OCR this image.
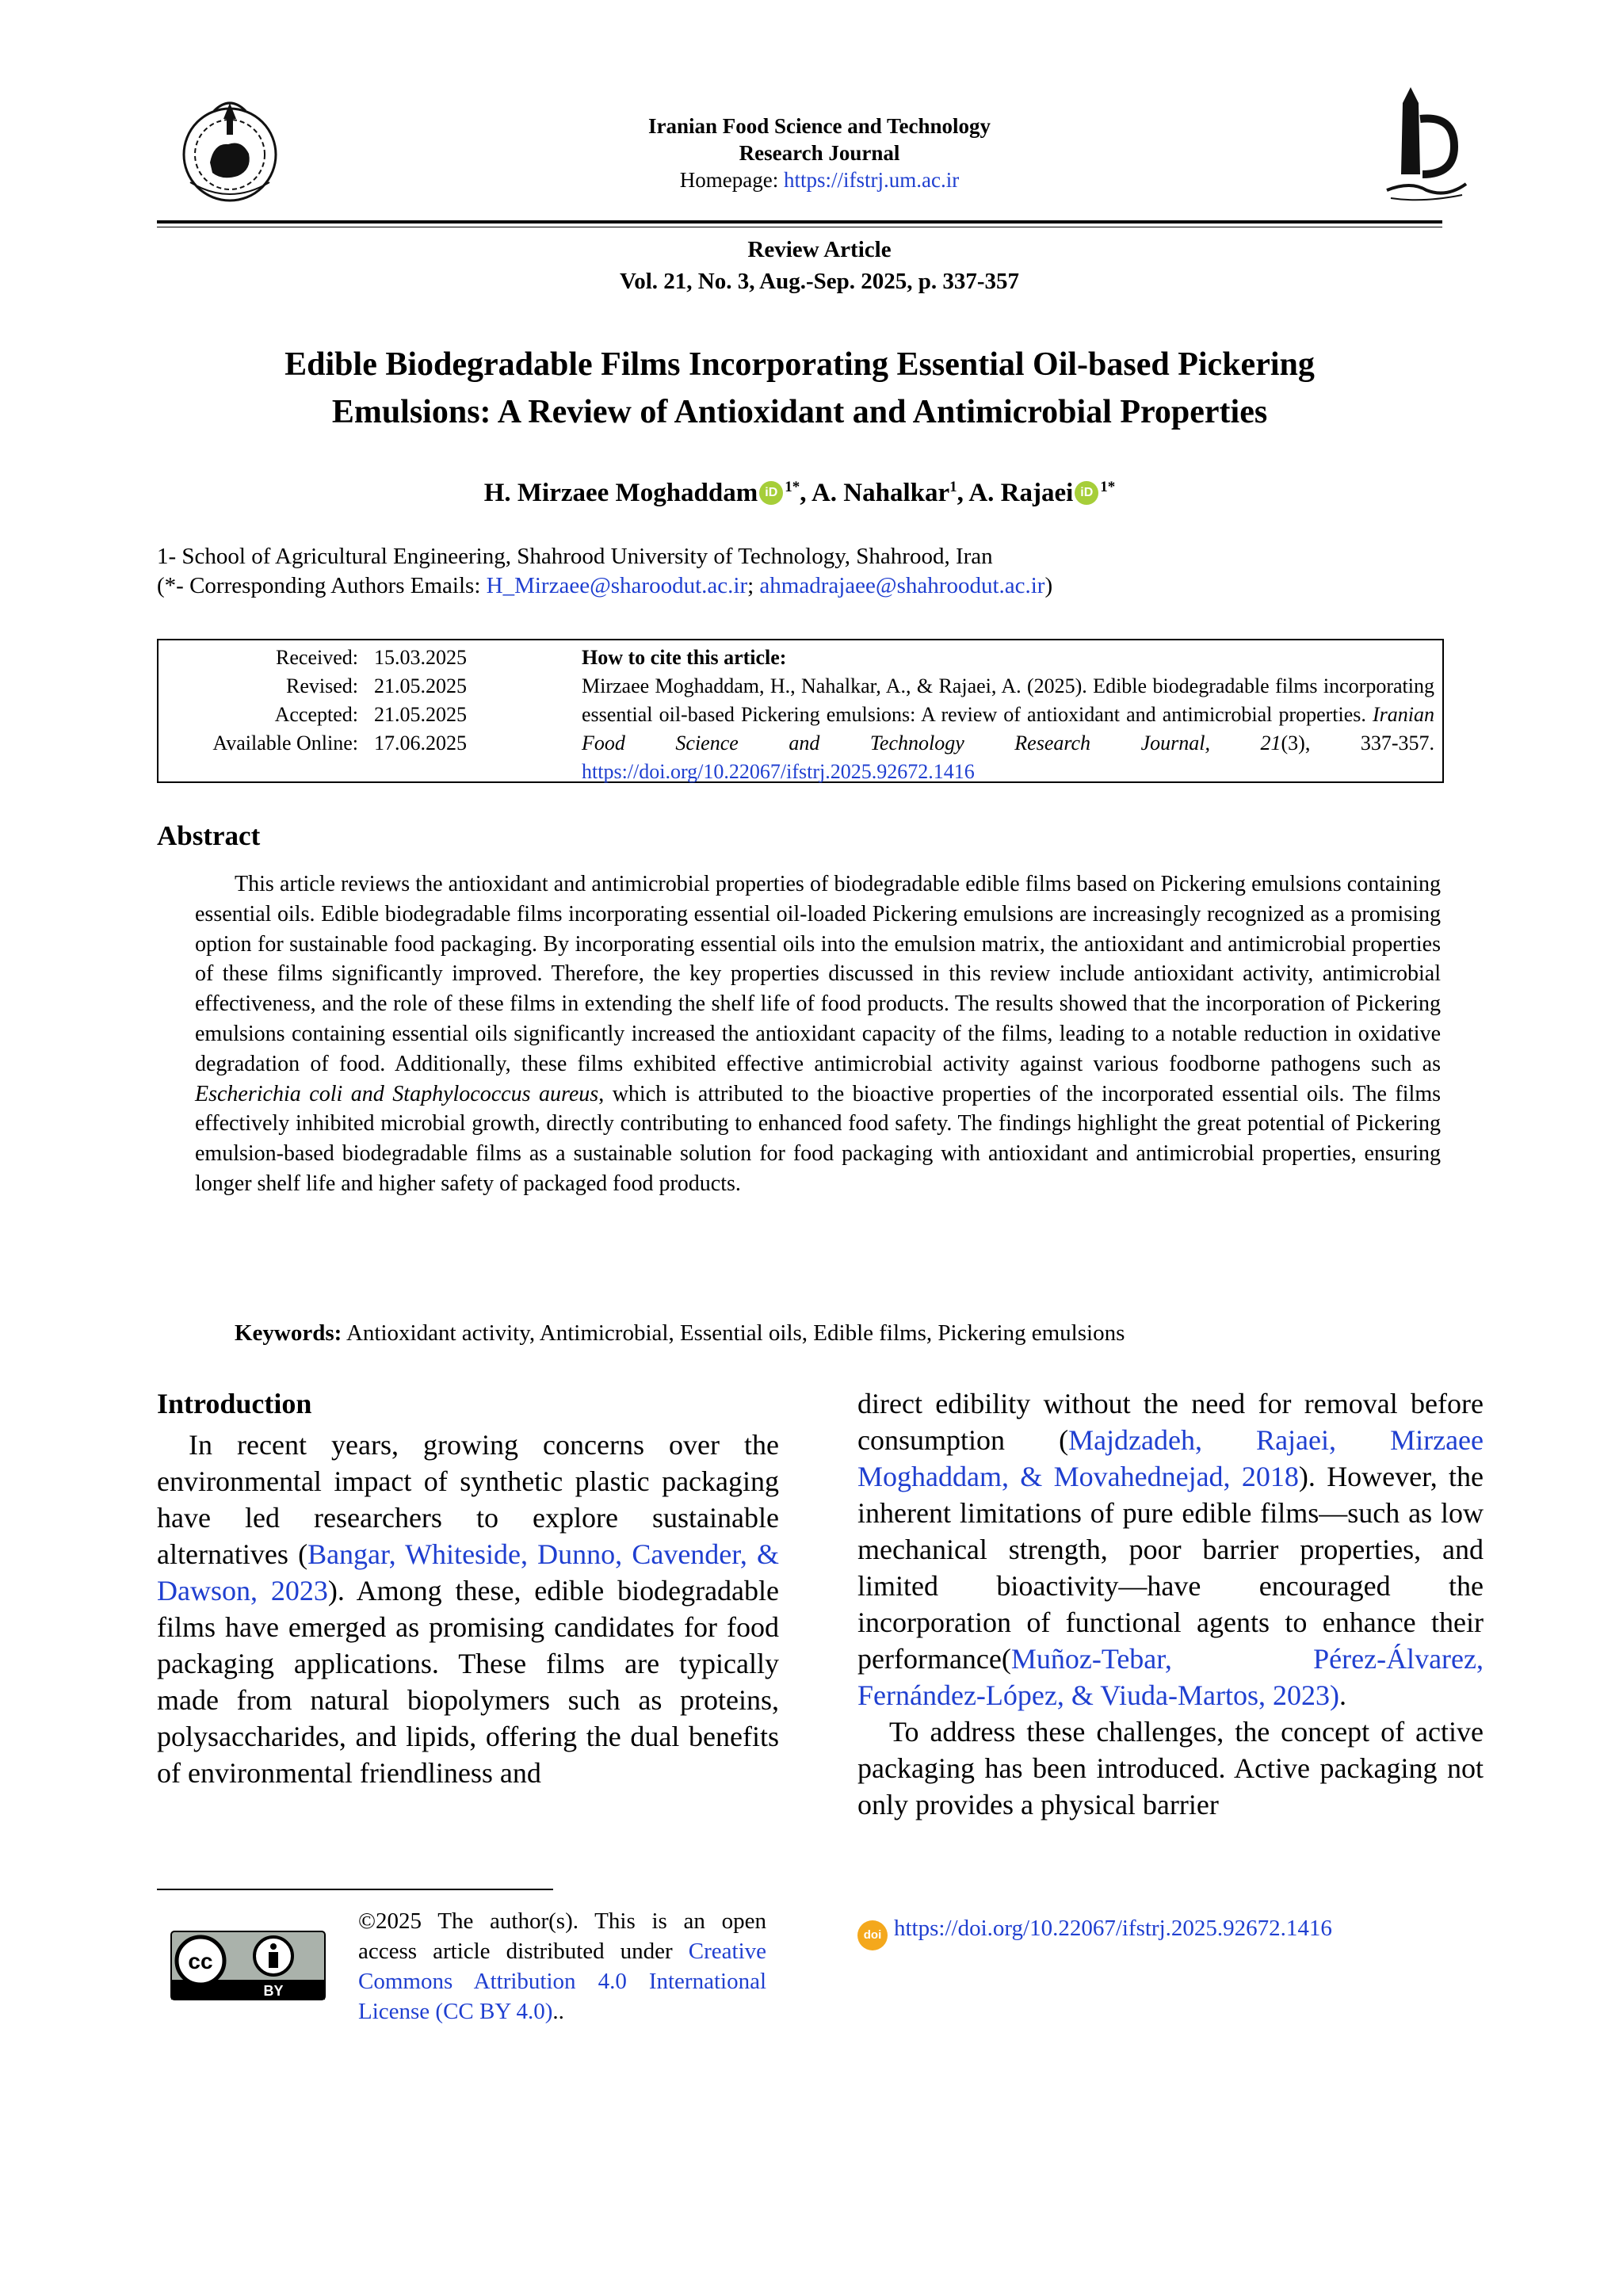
Iranian Food Science and Technology
Research Journal
Homepage: https://ifstrj.um.ac.ir
Review Article
Vol. 21, No. 3, Aug.-Sep. 2025, p. 337-357
Edible Biodegradable Films Incorporating Essential Oil-based Pickering
Emulsions: A Review of Antioxidant and Antimicrobial Properties
H. Mirzaee Moghaddam iD $^{1*}$, A. Nahalkar$^1$, A. Rajaei iD $^{1*}$
1- School of Agricultural Engineering, Shahrood University of Technology, Shahrood, Iran
(*- Corresponding Authors Emails: H_Mirzaee@sharoodut.ac.ir; ahmadrajaee@shahroodut.ac.ir)
Received: 15.03.2025
Revised: 21.05.2025
Accepted: 21.05.2025
Available Online: 17.06.2025
How to cite this article:
Mirzaee Moghaddam, H., Nahalkar, A., & Rajaei, A. (2025). Edible biodegradable films incorporating essential oil-based Pickering emulsions: A review of antioxidant and antimicrobial properties. Iranian Food Science and Technology Research Journal, 21(3), 337-357. https://doi.org/10.22067/ifstrj.2025.92672.1416
Abstract
This article reviews the antioxidant and antimicrobial properties of biodegradable edible films based on Pickering emulsions containing essential oils. Edible biodegradable films incorporating essential oil-loaded Pickering emulsions are increasingly recognized as a promising option for sustainable food packaging. By incorporating essential oils into the emulsion matrix, the antioxidant and antimicrobial properties of these films significantly improved. Therefore, the key properties discussed in this review include antioxidant activity, antimicrobial effectiveness, and the role of these films in extending the shelf life of food products. The results showed that the incorporation of Pickering emulsions containing essential oils significantly increased the antioxidant capacity of the films, leading to a notable reduction in oxidative degradation of food. Additionally, these films exhibited effective antimicrobial activity against various foodborne pathogens such as Escherichia coli and Staphylococcus aureus, which is attributed to the bioactive properties of the incorporated essential oils. The films effectively inhibited microbial growth, directly contributing to enhanced food safety. The findings highlight the great potential of Pickering emulsion-based biodegradable films as a sustainable solution for food packaging with antioxidant and antimicrobial properties, ensuring longer shelf life and higher safety of packaged food products.
Keywords: Antioxidant activity, Antimicrobial, Essential oils, Edible films, Pickering emulsions
Introduction

In recent years, growing concerns over the environmental impact of synthetic plastic packaging have led researchers to explore sustainable alternatives (Bangar, Whiteside, Dunno, Cavender, & Dawson, 2023). Among these, edible biodegradable films have emerged as promising candidates for food packaging applications. These films are typically made from natural biopolymers such as proteins, polysaccharides, and lipids, offering the dual benefits of environmental friendliness and

direct edibility without the need for removal before consumption (Majdzadeh, Rajaei, Mirzaee Moghaddam, & Movahednejad, 2018). However, the inherent limitations of pure edible films—such as low mechanical strength, poor barrier properties, and limited bioactivity—have encouraged the incorporation of functional agents to enhance their performance(Muñoz-Tebar, Pérez-Álvarez, Fernández-López, & Viuda-Martos, 2023).

To address these challenges, the concept of active packaging has been introduced. Active packaging not only provides a physical barrier

cc
BY
©2025 The author(s). This is an open access article distributed under Creative Commons Attribution 4.0 International License (CC BY 4.0)..
doi https://doi.org/10.22067/ifstrj.2025.92672.1416
